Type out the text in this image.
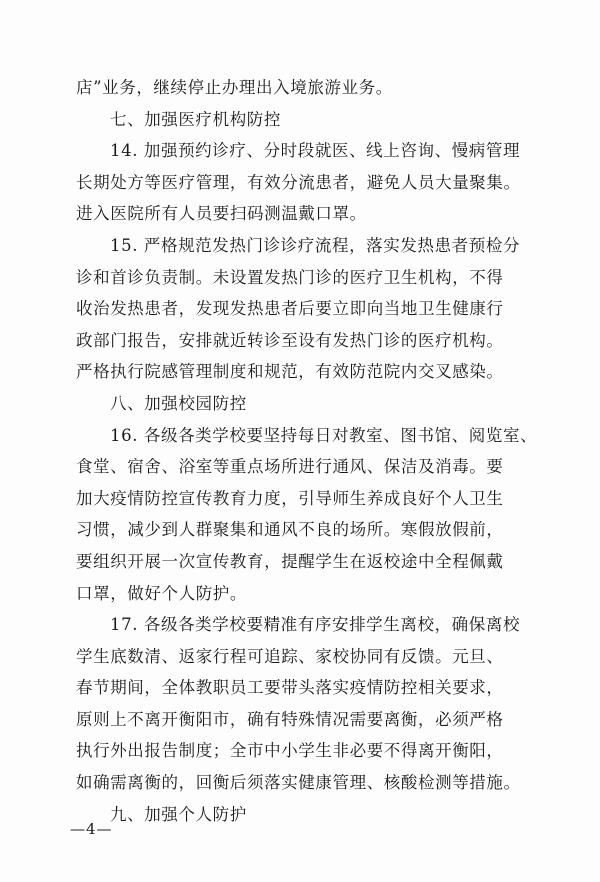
店”业务，继续停止办理出入境旅游业务。
七、加强医疗机构防控
14. 加强预约诊疗、分时段就医、线上咨询、慢病管理
长期处方等医疗管理，有效分流患者，避免人员大量聚集。
进入医院所有人员要扫码测温戴口罩。
15. 严格规范发热门诊诊疗流程，落实发热患者预检分
诊和首诊负责制。未设置发热门诊的医疗卫生机构，不得
收治发热患者，发现发热患者后要立即向当地卫生健康行
政部门报告，安排就近转诊至设有发热门诊的医疗机构。
严格执行院感管理制度和规范，有效防范院内交叉感染。
八、加强校园防控
16. 各级各类学校要坚持每日对教室、图书馆、阅览室、
食堂、宿舍、浴室等重点场所进行通风、保洁及消毒。要
加大疫情防控宣传教育力度，引导师生养成良好个人卫生
习惯，减少到人群聚集和通风不良的场所。寒假放假前，
要组织开展一次宣传教育，提醒学生在返校途中全程佩戴
口罩，做好个人防护。
17. 各级各类学校要精准有序安排学生离校，确保离校
学生底数清、返家行程可追踪、家校协同有反馈。元旦、
春节期间，全体教职员工要带头落实疫情防控相关要求，
原则上不离开衡阳市，确有特殊情况需要离衡，必须严格
执行外出报告制度；全市中小学生非必要不得离开衡阳，
如确需离衡的，回衡后须落实健康管理、核酸检测等措施。
九、加强个人防护
—4—
